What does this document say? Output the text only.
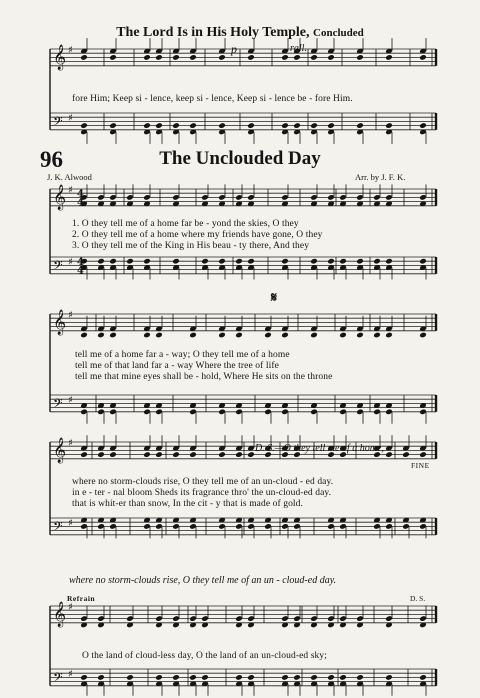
𝄞 ♯
𝄢 ♯
𝄞 ♯
𝄢 ♯
4
4
4
4
𝄞 ♯
𝄢 ♯
𝄞 ♯
𝄢 ♯
𝄞 ♯
𝄢 ♯
The Lord Is in His Holy Temple, Concluded
p	rall.
fore Him; Keep si - lence, keep si - lence, Keep si - lence be - fore Him.
96	The Unclouded Day
J. K. Alwood	Arr. by J. F. K.
1. O they tell me of a home far be - yond the skies, O they
2. O they tell me of a home where my friends have gone, O they
3. O they tell me of the King in His beau - ty there, And they
𝄋
tell me of a home far a - way; O they tell me of a home
tell me of that land far a - way Where the tree of life
tell me that mine eyes shall be - hold, Where He sits on the throne
D. S.—O they tell me of a home,
FINE
where no storm-clouds rise, O they tell me of an un-cloud - ed day.
in e - ter - nal bloom Sheds its fragrance thro' the un-cloud-ed day.
that is whit-er than snow, In the cit - y that is made of gold.
where no storm-clouds rise, O they tell me of an un - cloud-ed day.
Refrain	D. S.
O the land of cloud-less day, O the land of an un-cloud-ed sky;
